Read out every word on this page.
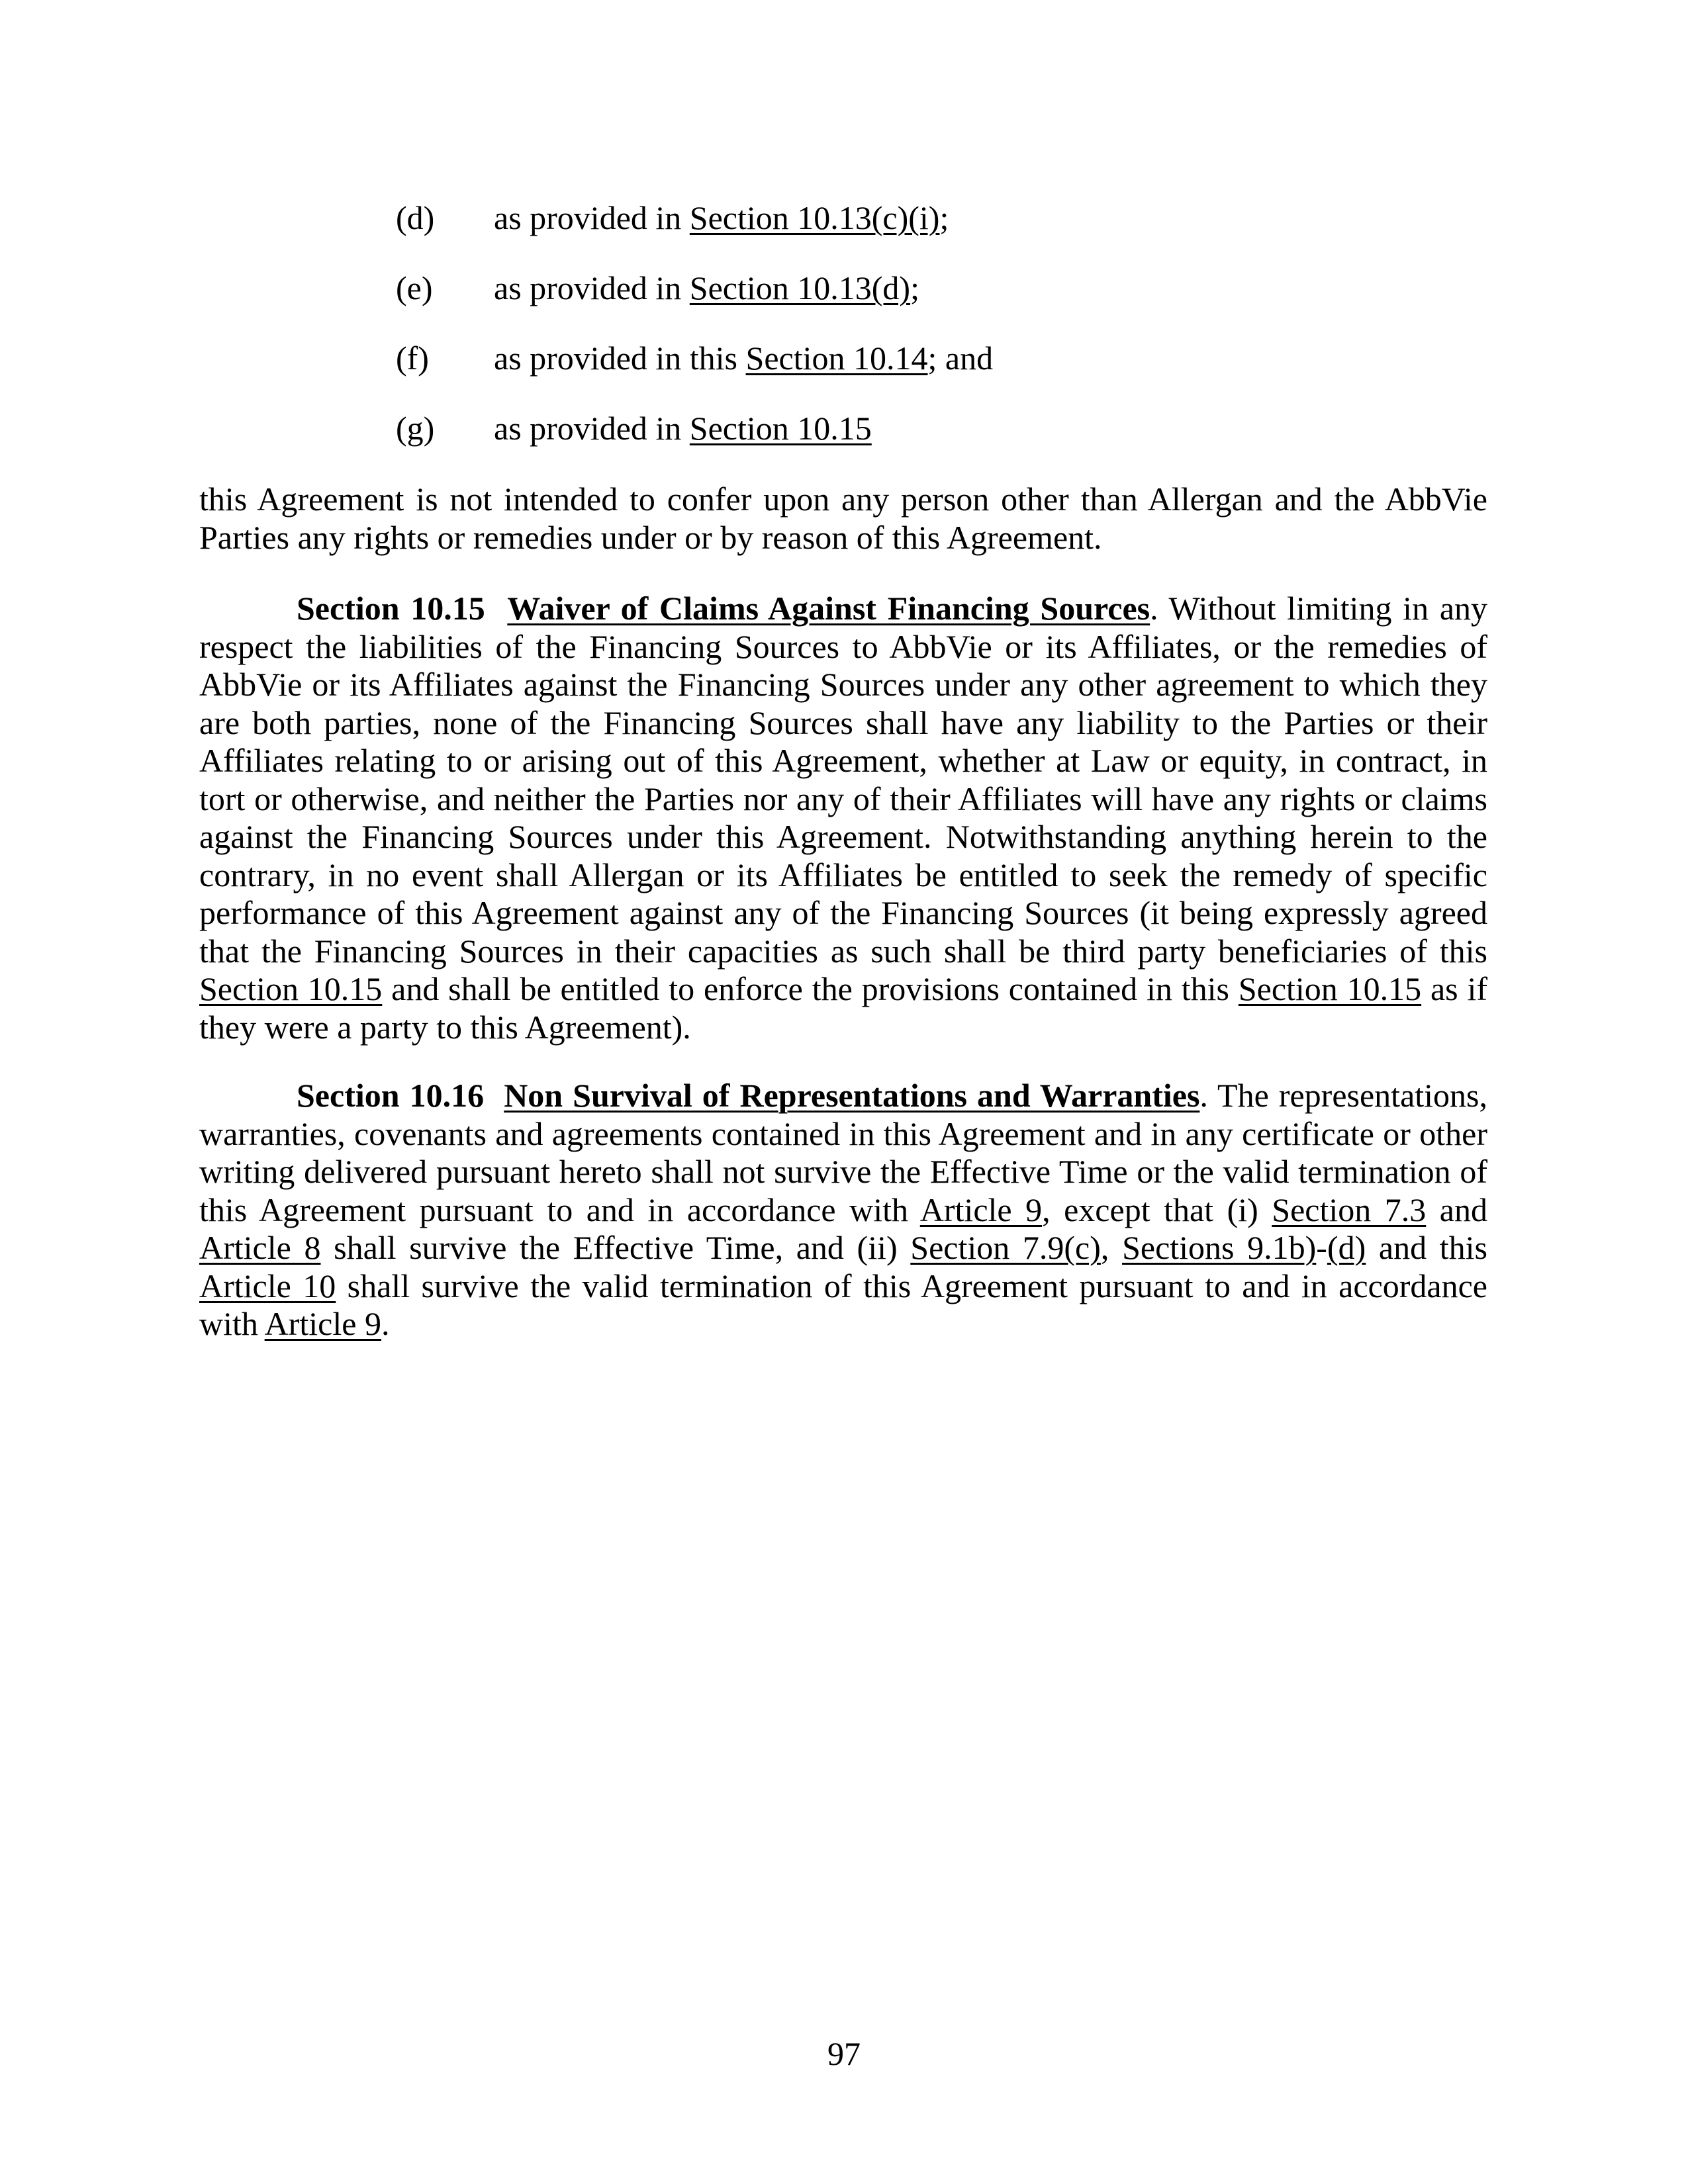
(d) as provided in Section 10.13(c)(i);
(e) as provided in Section 10.13(d);
(f) as provided in this Section 10.14; and
(g) as provided in Section 10.15
this Agreement is not intended to confer upon any person other than Allergan and the AbbVie Parties any rights or remedies under or by reason of this Agreement.
Section 10.15 Waiver of Claims Against Financing Sources. Without limiting in any respect the liabilities of the Financing Sources to AbbVie or its Affiliates, or the remedies of AbbVie or its Affiliates against the Financing Sources under any other agreement to which they are both parties, none of the Financing Sources shall have any liability to the Parties or their Affiliates relating to or arising out of this Agreement, whether at Law or equity, in contract, in tort or otherwise, and neither the Parties nor any of their Affiliates will have any rights or claims against the Financing Sources under this Agreement. Notwithstanding anything herein to the contrary, in no event shall Allergan or its Affiliates be entitled to seek the remedy of specific performance of this Agreement against any of the Financing Sources (it being expressly agreed that the Financing Sources in their capacities as such shall be third party beneficiaries of this Section 10.15 and shall be entitled to enforce the provisions contained in this Section 10.15 as if they were a party to this Agreement).
Section 10.16 Non Survival of Representations and Warranties. The representations, warranties, covenants and agreements contained in this Agreement and in any certificate or other writing delivered pursuant hereto shall not survive the Effective Time or the valid termination of this Agreement pursuant to and in accordance with Article 9, except that (i) Section 7.3 and Article 8 shall survive the Effective Time, and (ii) Section 7.9(c), Sections 9.1b)-(d) and this Article 10 shall survive the valid termination of this Agreement pursuant to and in accordance with Article 9.
97
